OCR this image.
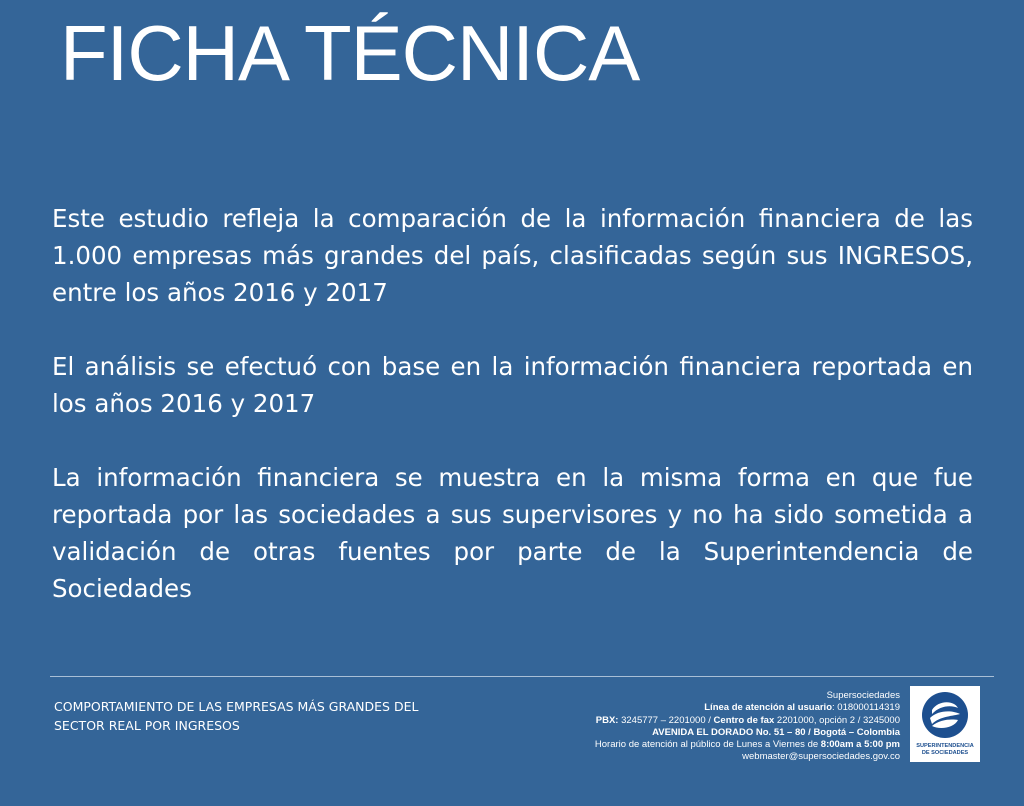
FICHA TÉCNICA

Este estudio refleja la comparación de la información financiera de las 1.000 empresas más grandes del país, clasificadas según sus INGRESOS, entre los años 2016 y 2017

El análisis se efectuó con base en la información financiera reportada en los años 2016 y 2017

La información financiera se muestra en la misma forma en que fue reportada por las sociedades a sus supervisores y no ha sido sometida a validación de otras fuentes por parte de la Superintendencia de Sociedades

COMPORTAMIENTO DE LAS EMPRESAS MÁS GRANDES DEL SECTOR REAL POR INGRESOS
Supersociedades
Línea de atención al usuario: 018000114319
PBX: 3245777 – 2201000 / Centro de fax 2201000, opción 2 / 3245000
AVENIDA EL DORADO No. 51 – 80 / Bogotá – Colombia
Horario de atención al público de Lunes a Viernes de 8:00am a 5:00 pm
webmaster@supersociedades.gov.co
SUPERINTENDENCIA
DE SOCIEDADES
